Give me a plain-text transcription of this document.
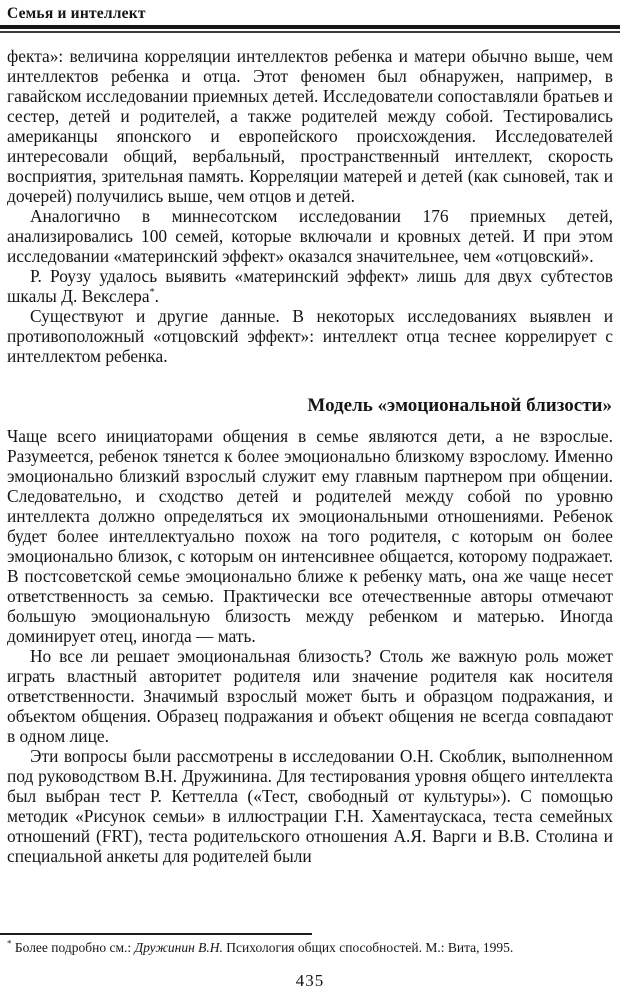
Семья и интеллект

фекта»: величина корреляции интеллектов ребенка и матери обычно выше, чем интеллектов ребенка и отца. Этот феномен был обнаружен, например, в гавайском исследовании приемных детей. Исследователи сопоставляли братьев и сестер, детей и родителей, а также родителей между собой. Тестировались американцы японского и европейского происхождения. Исследователей интересовали общий, вербальный, пространственный интеллект, скорость восприятия, зрительная память. Корреляции матерей и детей (как сыновей, так и дочерей) получились выше, чем отцов и детей.

Аналогично в миннесотском исследовании 176 приемных детей, анализировались 100 семей, которые включали и кровных детей. И при этом исследовании «материнский эффект» оказался значительнее, чем «отцовский».

Р. Роузу удалось выявить «материнский эффект» лишь для двух субтестов шкалы Д. Векслера*.

Существуют и другие данные. В некоторых исследованиях выявлен и противоположный «отцовский эффект»: интеллект отца теснее коррелирует с интеллектом ребенка.

Модель «эмоциональной близости»

Чаще всего инициаторами общения в семье являются дети, а не взрослые. Разумеется, ребенок тянется к более эмоционально близкому взрослому. Именно эмоционально близкий взрослый служит ему главным партнером при общении. Следовательно, и сходство детей и родителей между собой по уровню интеллекта должно определяться их эмоциональными отношениями. Ребенок будет более интеллектуально похож на того родителя, с которым он более эмоционально близок, с которым он интенсивнее общается, которому подражает. В постсоветской семье эмоционально ближе к ребенку мать, она же чаще несет ответственность за семью. Практически все отечественные авторы отмечают большую эмоциональную близость между ребенком и матерью. Иногда доминирует отец, иногда — мать.

Но все ли решает эмоциональная близость? Столь же важную роль может играть властный авторитет родителя или значение родителя как носителя ответственности. Значимый взрослый может быть и образцом подражания, и объектом общения. Образец подражания и объект общения не всегда совпадают в одном лице.

Эти вопросы были рассмотрены в исследовании О.Н. Скоблик, выполненном под руководством В.Н. Дружинина. Для тестирования уровня общего интеллекта был выбран тест Р. Кеттелла («Тест, свободный от культуры»). С помощью методик «Рисунок семьи» в иллюстрации Г.Н. Хаментаускаса, теста семейных отношений (FRT), теста родительского отношения А.Я. Варги и В.В. Столина и специальной анкеты для родителей были

* Более подробно см.: Дружинин В.Н. Психология общих способностей. М.: Вита, 1995.
435
